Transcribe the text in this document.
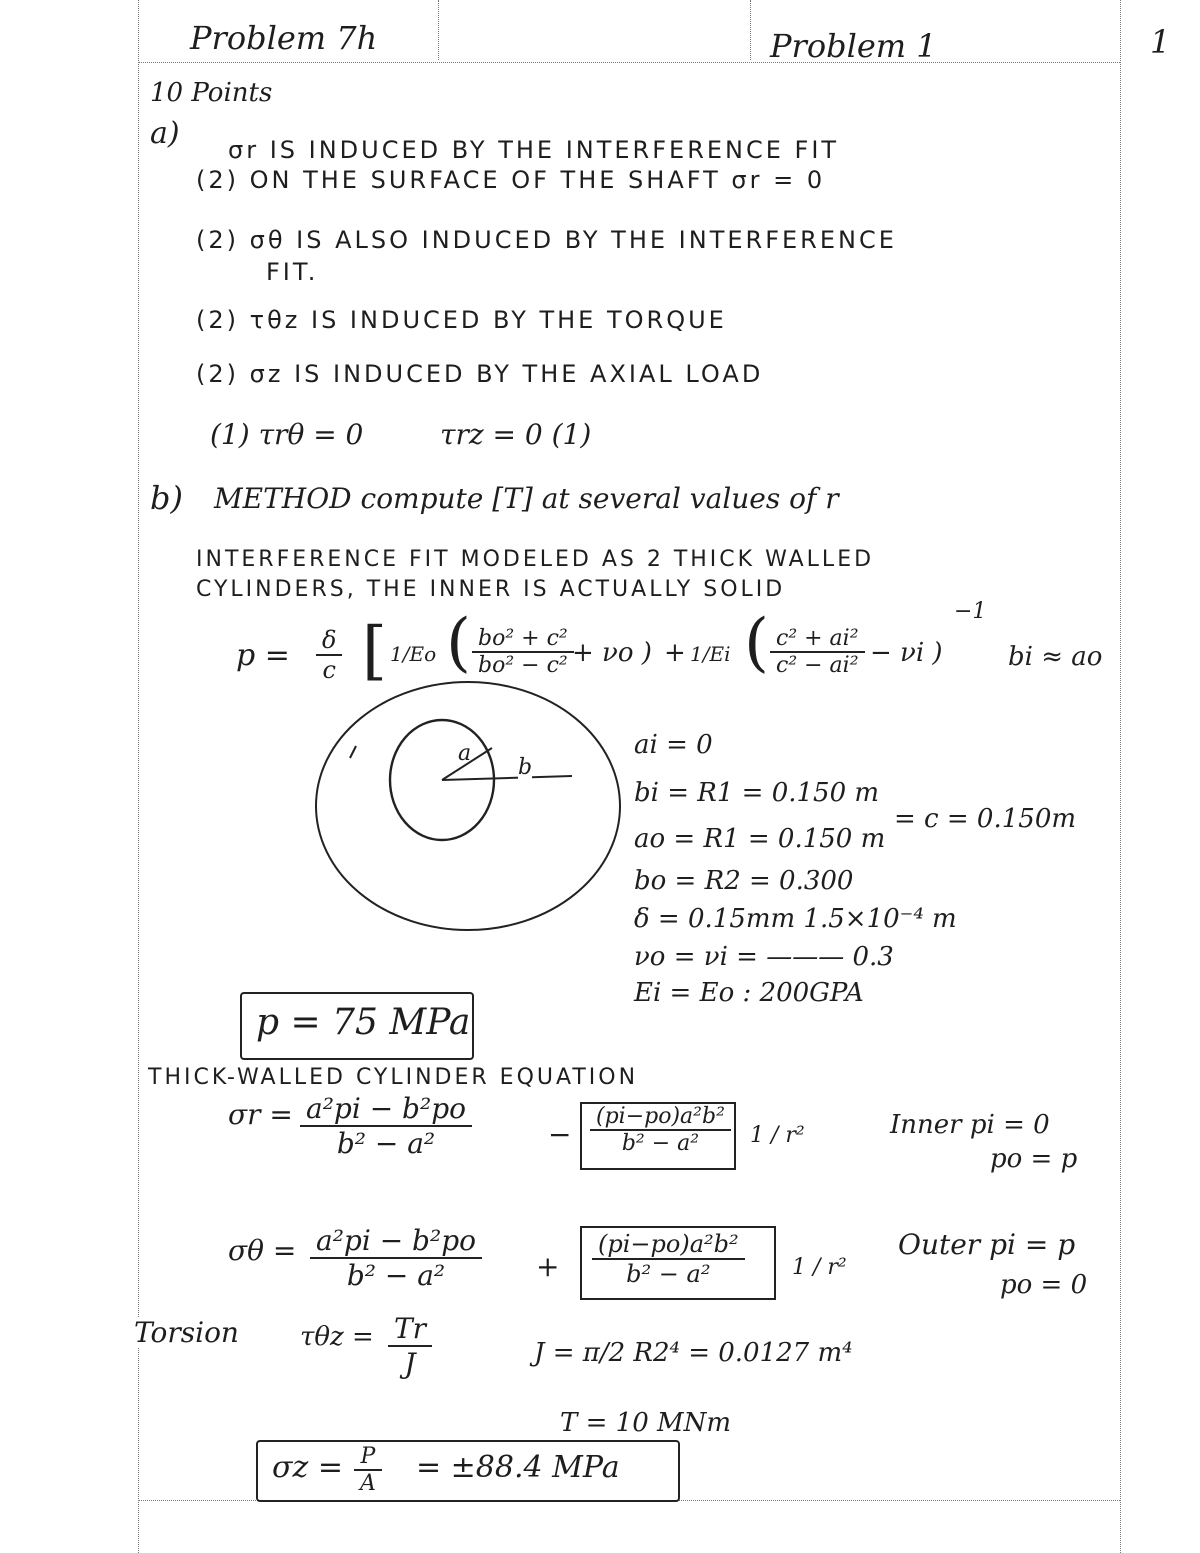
Problem 7h	Problem 1	1
10 Points
a) σr IS INDUCED BY THE INTERFERENCE FIT
(2) ON THE SURFACE OF THE SHAFT σr = 0
(2) σθ IS ALSO INDUCED BY THE INTERFERENCE
FIT.
(2) τθz IS INDUCED BY THE TORQUE
(2) σz IS INDUCED BY THE AXIAL LOAD
(1) τrθ = 0	τrz = 0 (1)
b) METHOD compute [T] at several values of r
INTERFERENCE FIT MODELED AS 2 THICK WALLED
CYLINDERS, THE INNER IS ACTUALLY SOLID
$p = \frac{\delta}{c}$ [ 1/Eo ( $\frac{\text{bo² + c²}}{\text{bo² − c²}}$
+ νo ) + 1/Ei ( $\frac{\text{c² + ai²}}{\text{c² − ai²}} - \nu i$ )
−1
bi ≈ ao
a
b
ai = 0
bi = R1 = 0.150 m
= c = 0.150m
ao = R1 = 0.150 m
bo = R2 = 0.300
δ = 0.15mm 1.5×10⁻⁴ m
νo = νi = ——— 0.3
Ei = Eo : 200GPA
p = 75 MPa
THICK-WALLED CYLINDER EQUATION
$\sigma r = \frac{\text{a²pi − b²po}}{\text{b² − a²}}$	− $\frac{\text{(pi−po)a²b²}}{\text{b² − a²}} 1 / r^2$	Inner pi = 0
po = p
$\sigma\theta = \frac{\text{a²pi − b²po}}{\text{b² − a²}} + \frac{\text{(pi−po)a²b²}}{\text{b² − a²}} 1 / r^2$
Outer pi = p
po = 0
Torsion $\tau\theta z = \frac{Tr}{J}$	J = π/2 R2⁴ = 0.0127 m⁴
T = 10 MNm
$\sigma z = \frac{P}{A} = \pm 88.4$ MPa
